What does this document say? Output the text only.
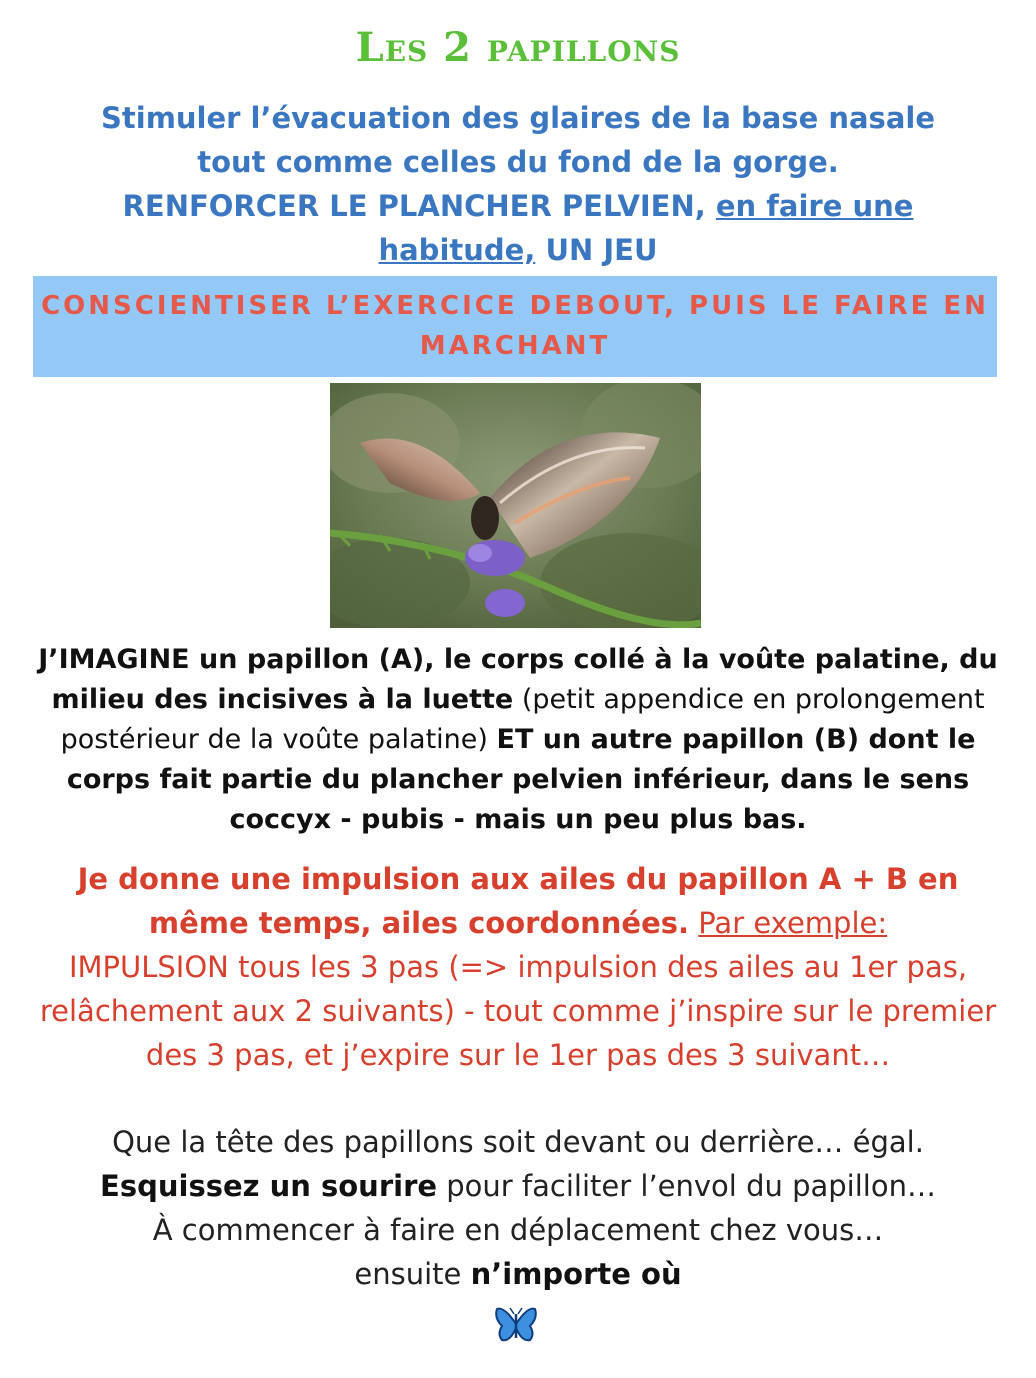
Les 2 papillons
Stimuler l’évacuation des glaires de la base nasale
tout comme celles du fond de la gorge.
RENFORCER LE PLANCHER PELVIEN, en faire une habitude, UN JEU
CONSCIENTISER L’EXERCICE DEBOUT, PUIS LE FAIRE EN MARCHANT
J’IMAGINE un papillon (A), le corps collé à la voûte palatine, du milieu des incisives à la luette (petit appendice en prolongement postérieur de la voûte palatine) ET un autre papillon (B) dont le corps fait partie du plancher pelvien inférieur, dans le sens coccyx - pubis - mais un peu plus bas.
Je donne une impulsion aux ailes du papillon A + B en même temps, ailes coordonnées. Par exemple:
IMPULSION tous les 3 pas (=> impulsion des ailes au 1er pas, relâchement aux 2 suivants) - tout comme j’inspire sur le premier des 3 pas, et j’expire sur le 1er pas des 3 suivant…
Que la tête des papillons soit devant ou derrière… égal.
Esquissez un sourire pour faciliter l’envol du papillon…
À commencer à faire en déplacement chez vous…
ensuite n’importe où
